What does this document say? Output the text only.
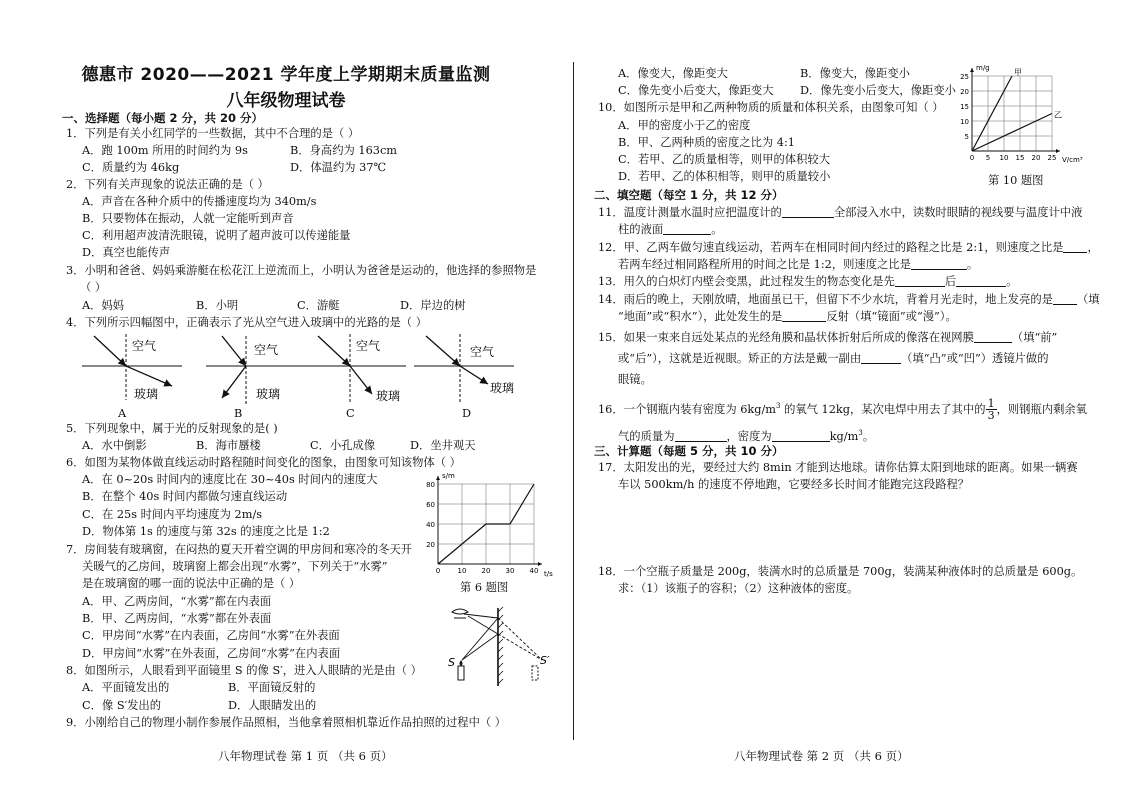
德惠市 2020——2021 学年度上学期期末质量监测
八年级物理试卷
一、选择题（每小题 2 分，共 20 分）
1．下列是有关小红同学的一些数据，其中不合理的是（ ）
A．跑 100m 所用的时间约为 9s	B．身高约为 163cm
C．质量约为 46kg	D．体温约为 37℃
2．下列有关声现象的说法正确的是（ ）
A．声音在各种介质中的传播速度均为 340m/s
B．只要物体在振动，人就一定能听到声音
C．利用超声波清洗眼镜，说明了超声波可以传递能量
D．真空也能传声
3．小明和爸爸、妈妈乘游艇在松花江上逆流而上，小明认为爸爸是运动的，他选择的参照物是
（ ）
A．妈妈	B．小明	C．游艇	D．岸边的树
4．下列所示四幅图中，正确表示了光从空气进入玻璃中的光路的是（ ）
空气
玻璃
空气
玻璃
空气
玻璃
空气
玻璃
A	B	C	D
5．下列现象中，属于光的反射现象的是( )
A．水中倒影	B．海市蜃楼	C．小孔成像	D．坐井观天
6．如图为某物体做直线运动时路程随时间变化的图象，由图象可知该物体（ ）
A．在 0~20s 时间内的速度比在 30~40s 时间内的速度大
B．在整个 40s 时间内都做匀速直线运动
C．在 25s 时间内平均速度为 2m/s
D．物体第 1s 的速度与第 32s 的速度之比是 1:2
0 10 20 30 40
20
40
60
80
t/s
s/m
第 6 题图
7．房间装有玻璃窗，在闷热的夏天开着空调的甲房间和寒冷的冬天开
关暖气的乙房间，玻璃窗上都会出现“水雾”，下列关于“水雾”
是在玻璃窗的哪一面的说法中正确的是（ ）
A．甲、乙两房间，“水雾”都在内表面
B．甲、乙两房间，“水雾”都在外表面
C．甲房间“水雾”在内表面，乙房间“水雾”在外表面
D．甲房间“水雾”在外表面，乙房间“水雾”在内表面
S	S′
8．如图所示，人眼看到平面镜里 S 的像 S′，进入人眼睛的光是由（ ）
A．平面镜发出的	B．平面镜反射的
C．像 S′发出的	D．人眼睛发出的
9．小刚给自己的物理小制作参展作品照相，当他拿着照相机靠近作品拍照的过程中（ ）
八年物理试卷 第 1 页 （共 6 页）
A．像变大，像距变大	B．像变大，像距变小
C．像先变小后变大，像距变大 D．像先变小后变大，像距变小
10．如图所示是甲和乙两种物质的质量和体积关系，由图象可知（ ）
A．甲的密度小于乙的密度
B．甲、乙两种质的密度之比为 4:1
C．若甲、乙的质量相等，则甲的体积较大
D．若甲、乙的体积相等，则甲的质量较小
0 5 10 15 20 25
5
10
15
20
25
V/cm³
m/g	甲
乙
第 10 题图
二、填空题（每空 1 分，共 12 分）
11．温度计测量水温时应把温度计的	全部浸入水中，读数时眼睛的视线要与温度计中液
柱的液面	。
12．甲、乙两车做匀速直线运动，若两车在相同时间内经过的路程之比是 2:1，则速度之比是 ，
若两车经过相同路程所用的时间之比是 1:2，则速度之比是	。
13．用久的白炽灯内壁会变黑，此过程发生的物态变化是先	后	。
14．雨后的晚上，天刚放晴，地面虽已干，但留下不少水坑，背着月光走时，地上发亮的是 （填
“地面”或“积水”），此处发生的是	反射（填“镜面”或“漫”）。
15．如果一束来自远处某点的光经角膜和晶状体折射后所成的像落在视网膜	（填“前”
或“后”），这就是近视眼。矫正的方法是戴一副由	（填“凸”或“凹”）透镜片做的
眼镜。
16．一个钢瓶内装有密度为 $6kg/m^3$ 的氧气 12kg，某次电焊中用去了其中的 $\frac{1}{3}$ ，则钢瓶内剩余氧
气的质量为	，密度为	$kg/m^3$。
三、计算题（每题 5 分，共 10 分）
17．太阳发出的光，要经过大约 8min 才能到达地球。请你估算太阳到地球的距离。如果一辆赛
车以 500km/h 的速度不停地跑，它要经多长时间才能跑完这段路程？
18．一个空瓶子质量是 200g，装满水时的总质量是 700g，装满某种液体时的总质量是 600g。
求：（1）该瓶子的容积；（2）这种液体的密度。
八年物理试卷 第 2 页 （共 6 页）
